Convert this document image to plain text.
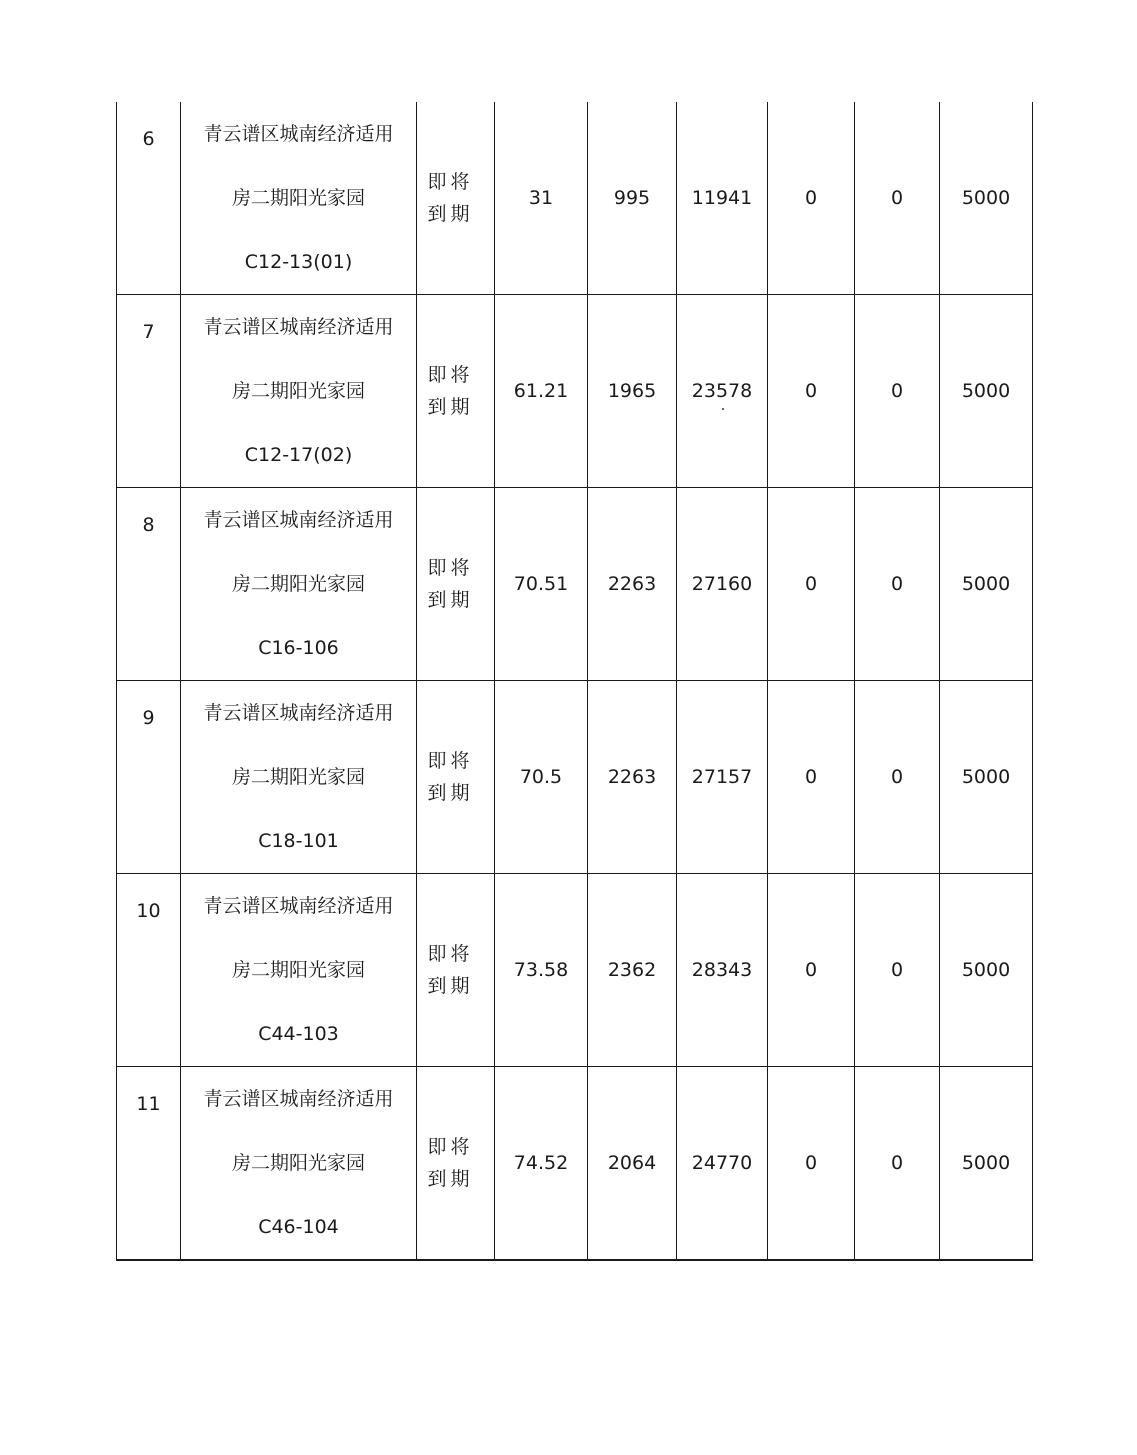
6	青云谱区城南经济适用
房二期阳光家园
C12-13(01)	即将到期	31	995	11941	0	0	5000
7	青云谱区城南经济适用
房二期阳光家园
C12-17(02)	即将到期	61.21	1965	23578	0	0	5000
8	青云谱区城南经济适用
房二期阳光家园
C16-106	即将到期	70.51	2263	27160	0	0	5000
9	青云谱区城南经济适用
房二期阳光家园
C18-101	即将到期	70.5	2263	27157	0	0	5000
10	青云谱区城南经济适用
房二期阳光家园
C44-103	即将到期	73.58	2362	28343	0	0	5000
11	青云谱区城南经济适用
房二期阳光家园
C46-104	即将到期	74.52	2064	24770	0	0	5000
